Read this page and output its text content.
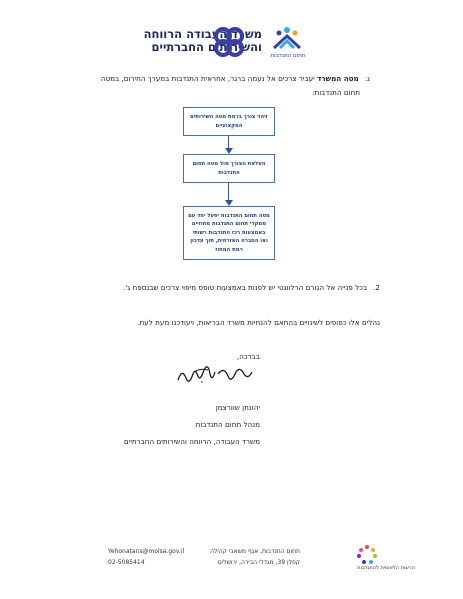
משרד העבודה הרווחה
והשירותים החברתיים
תחום התנדבות
ג.מטה המשרד יעביר צרכים אל נעמה ברגר, אחראית התנדבות במערך החירום, במטה
תחום התנדבות:
זיהוי צורך ברמת מטה השירותים המקצועיים
העלאת הצורך מול מטה תחום התנדבות
מטה תחום התנדבות יפעל יחד עם ממקדי תחום התנדבות מחוזיים באמצעות רכז התנדבות רשותי ואו החברה האזרחית, תוך עדכון רמת המחוז
2.בכל פנייה אל הגורם הרלוונטי יש לפנות באמצעות טופס מיפוי צרכים שבנספח ג'.
נהלים אלו כפופים לשינויים בהתאם להנחיות משרד הבריאות, ויעודכנו מעת לעת.
בברכה,
יהונתן שוורצמן
מנהל תחום התנדבות
משרד העבודה, הרווחה והשירותים החברתיים
תחום התנדבות, אגף משאבי קהילה
קפלן 39, מגדלי הבירה, ירושלים
Yehonatans@molsa.gov.il
02-5085414
הרשות הלאומית להתנדבות
